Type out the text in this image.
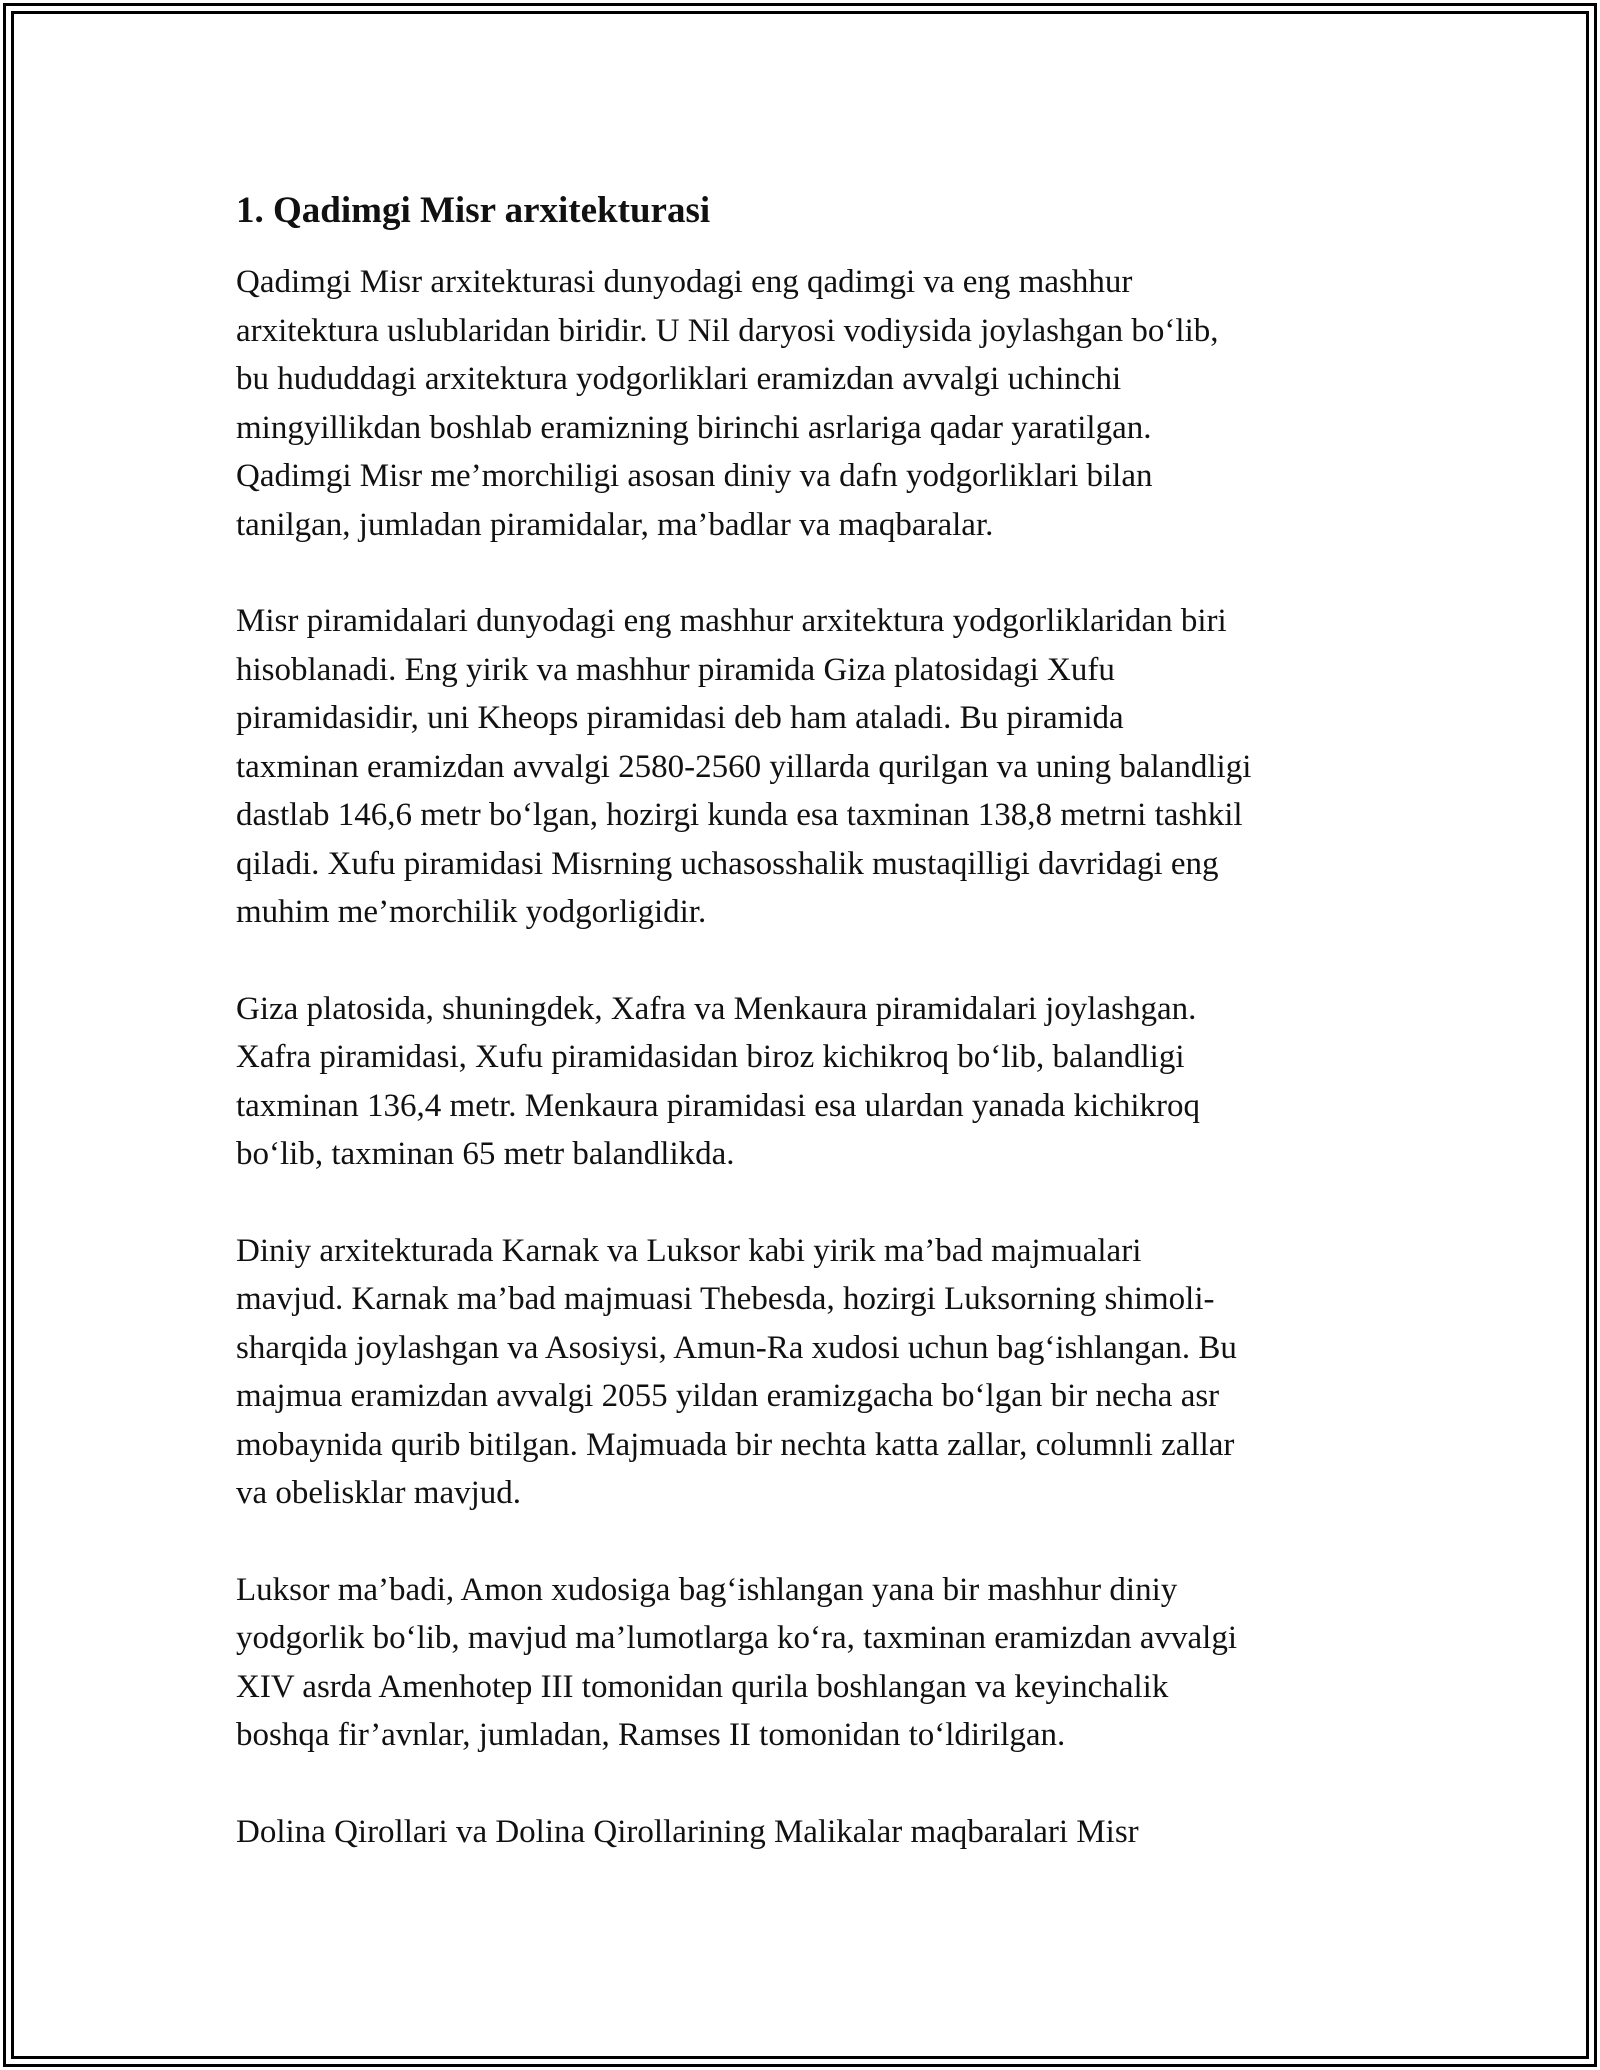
1. Qadimgi Misr arxitekturasi
Qadimgi Misr arxitekturasi dunyodagi eng qadimgi va eng mashhur
arxitektura uslublaridan biridir. U Nil daryosi vodiysida joylashgan bo‘lib,
bu hududdagi arxitektura yodgorliklari eramizdan avvalgi uchinchi
mingyillikdan boshlab eramizning birinchi asrlariga qadar yaratilgan.
Qadimgi Misr me’morchiligi asosan diniy va dafn yodgorliklari bilan
tanilgan, jumladan piramidalar, ma’badlar va maqbaralar.
Misr piramidalari dunyodagi eng mashhur arxitektura yodgorliklaridan biri
hisoblanadi. Eng yirik va mashhur piramida Giza platosidagi Xufu
piramidasidir, uni Kheops piramidasi deb ham ataladi. Bu piramida
taxminan eramizdan avvalgi 2580-2560 yillarda qurilgan va uning balandligi
dastlab 146,6 metr bo‘lgan, hozirgi kunda esa taxminan 138,8 metrni tashkil
qiladi. Xufu piramidasi Misrning uchasosshalik mustaqilligi davridagi eng
muhim me’morchilik yodgorligidir.
Giza platosida, shuningdek, Xafra va Menkaura piramidalari joylashgan.
Xafra piramidasi, Xufu piramidasidan biroz kichikroq bo‘lib, balandligi
taxminan 136,4 metr. Menkaura piramidasi esa ulardan yanada kichikroq
bo‘lib, taxminan 65 metr balandlikda.
Diniy arxitekturada Karnak va Luksor kabi yirik ma’bad majmualari
mavjud. Karnak ma’bad majmuasi Thebesda, hozirgi Luksorning shimoli-
sharqida joylashgan va Asosiysi, Amun-Ra xudosi uchun bag‘ishlangan. Bu
majmua eramizdan avvalgi 2055 yildan eramizgacha bo‘lgan bir necha asr
mobaynida qurib bitilgan. Majmuada bir nechta katta zallar, columnli zallar
va obelisklar mavjud.
Luksor ma’badi, Amon xudosiga bag‘ishlangan yana bir mashhur diniy
yodgorlik bo‘lib, mavjud ma’lumotlarga ko‘ra, taxminan eramizdan avvalgi
XIV asrda Amenhotep III tomonidan qurila boshlangan va keyinchalik
boshqa fir’avnlar, jumladan, Ramses II tomonidan to‘ldirilgan.
Dolina Qirollari va Dolina Qirollarining Malikalar maqbaralari Misr
